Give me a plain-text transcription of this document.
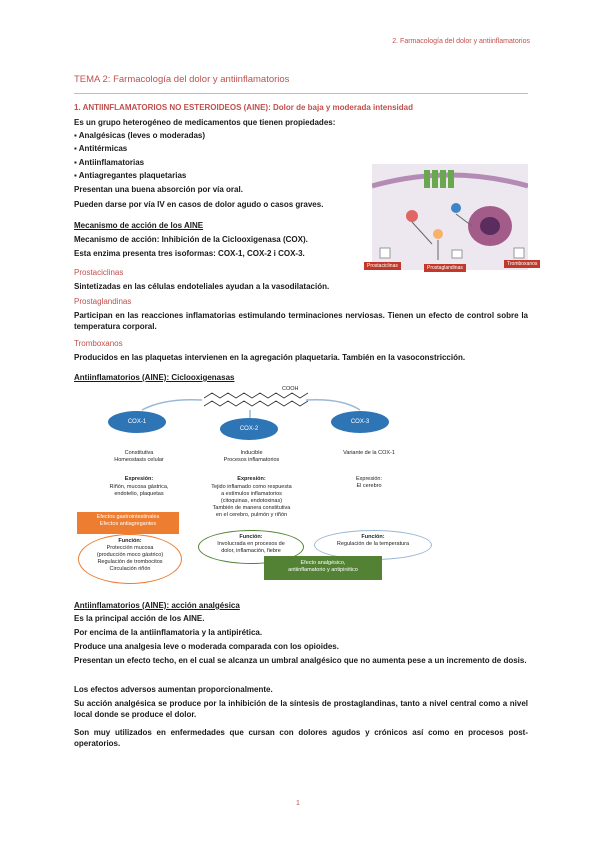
2. Farmacología del dolor y antiinflamatorios
TEMA 2: Farmacología del dolor y antiinflamatorios
1. ANTIINFLAMATORIOS NO ESTEROIDEOS (AINE): Dolor de baja y moderada intensidad
Es un grupo heterogéneo de medicamentos que tienen propiedades:
▪ Analgésicas (leves o moderadas)
▪ Antitérmicas
▪ Antiinflamatorias
▪ Antiagregantes plaquetarias
Presentan una buena absorción por vía oral.
Pueden darse por vía IV en casos de dolor agudo o casos graves.
Mecanismo de acción de los AINE
Mecanismo de acción: Inhibición de la Ciclooxigenasa (COX).
Esta enzima presenta tres isoformas: COX-1, COX-2 i COX-3.
Prostaciclinas
Sintetizadas en las células endoteliales ayudan a la vasodilatación.
Prostaglandinas
Participan en las reacciones inflamatorias estimulando terminaciones nerviosas. Tienen un efecto de control sobre la temperatura corporal.
Tromboxanos
Producidos en las plaquetas intervienen en la agregación plaquetaria. También en la vasoconstricción.
Prostaciclinas	Prostaglandinas
Tromboxanos
Antiinflamatorios (AINE): Ciclooxigenasas
COOH
COX-1
COX-2
COX-3
Constitutiva
Homeostasis celular
Inducible
Procesos inflamatorios
Variante de la COX-1
Expresión:
Riñón, mucosa gástrica,
endotelio, plaquetas
Expresión:
Tejido inflamado como respuesta
a estímulos inflamatorios
(citoquinas, endotoxinas)
También de manera constitutiva
en el cerebro, pulmón y riñón
Expresión:
El cerebro
Efectos gastrointestinales
Efectos antiagregantes
Función:
Protección mucosa
(producción moco gástrico)
Regulación de trombocitos
Circulación riñón
Función:
Involucrada en procesos de
dolor, inflamación, fiebre
Función:
Regulación de la temperatura
Efecto analgésico,
antiinflamatorio y antipirético
Antiinflamatorios (AINE): acción analgésica
Es la principal acción de los AINE.
Por encima de la antiinflamatoria y la antipirética.
Produce una analgesia leve o moderada comparada con los opioides.
Presentan un efecto techo, en el cual se alcanza un umbral analgésico que no aumenta pese a un incremento de dosis.
Los efectos adversos aumentan proporcionalmente.
Su acción analgésica se produce por la inhibición de la síntesis de prostaglandinas, tanto a nivel central como a nivel local donde se produce el dolor.
Son muy utilizados en enfermedades que cursan con dolores agudos y crónicos así como en procesos post-operatorios.
1
